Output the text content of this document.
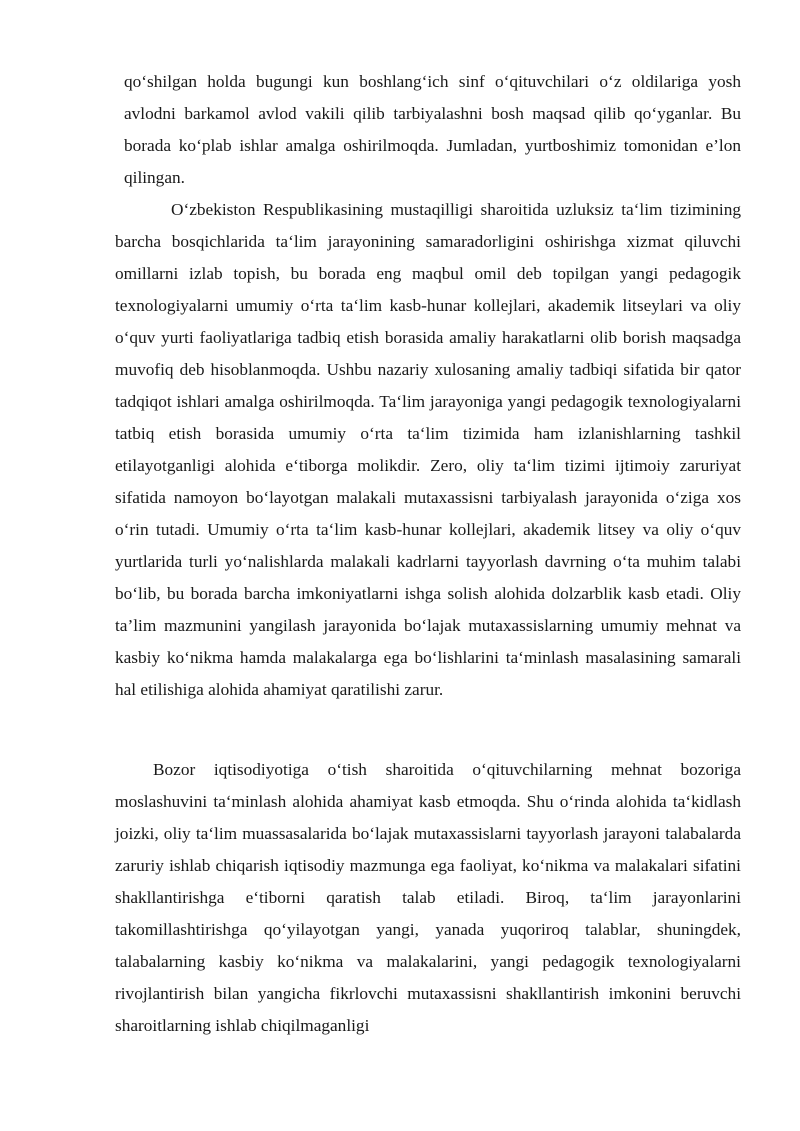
qo‘shilgan holda bugungi kun boshlang‘ich sinf o‘qituvchilari o‘z oldilariga yosh avlodni barkamol avlod vakili qilib tarbiyalashni bosh maqsad qilib qo‘yganlar. Bu borada ko‘plab ishlar amalga oshirilmoqda. Jumladan, yurtboshimiz tomonidan e’lon qilingan.

O‘zbekiston Respublikasining mustaqilligi sharoitida uzluksiz ta‘lim tizimining barcha bosqichlarida ta‘lim jarayonining samaradorligini oshirishga xizmat qiluvchi omillarni izlab topish, bu borada eng maqbul omil deb topilgan yangi pedagogik texnologiyalarni umumiy o‘rta ta‘lim kasb-hunar kollejlari, akademik litseylari va oliy o‘quv yurti faoliyatlariga tadbiq etish borasida amaliy harakatlarni olib borish maqsadga muvofiq deb hisoblanmoqda. Ushbu nazariy xulosaning amaliy tadbiqi sifatida bir qator tadqiqot ishlari amalga oshirilmoqda. Ta‘lim jarayoniga yangi pedagogik texnologiyalarni tatbiq etish borasida umumiy o‘rta ta‘lim tizimida ham izlanishlarning tashkil etilayotganligi alohida e‘tiborga molikdir. Zero, oliy ta‘lim tizimi ijtimoiy zaruriyat sifatida namoyon bo‘layotgan malakali mutaxassisni tarbiyalash jarayonida o‘ziga xos o‘rin tutadi. Umumiy o‘rta ta‘lim kasb-hunar kollejlari, akademik litsey va oliy o‘quv yurtlarida turli yo‘nalishlarda malakali kadrlarni tayyorlash davrning o‘ta muhim talabi bo‘lib, bu borada barcha imkoniyatlarni ishga solish alohida dolzarblik kasb etadi. Oliy ta’lim mazmunini yangilash jarayonida bo‘lajak mutaxassislarning umumiy mehnat va kasbiy ko‘nikma hamda malakalarga ega bo‘lishlarini ta‘minlash masalasining samarali hal etilishiga alohida ahamiyat qaratilishi zarur.

Bozor iqtisodiyotiga o‘tish sharoitida o‘qituvchilarning mehnat bozoriga moslashuvini ta‘minlash alohida ahamiyat kasb etmoqda. Shu o‘rinda alohida ta‘kidlash joizki, oliy ta‘lim muassasalarida bo‘lajak mutaxassislarni tayyorlash jarayoni talabalarda zaruriy ishlab chiqarish iqtisodiy mazmunga ega faoliyat, ko‘nikma va malakalari sifatini shakllantirishga e‘tiborni qaratish talab etiladi. Biroq, ta‘lim jarayonlarini takomillashtirishga qo‘yilayotgan yangi, yanada yuqoriroq talablar, shuningdek, talabalarning kasbiy ko‘nikma va malakalarini, yangi pedagogik texnologiyalarni rivojlantirish bilan yangicha fikrlovchi mutaxassisni shakllantirish imkonini beruvchi sharoitlarning ishlab chiqilmaganligi
